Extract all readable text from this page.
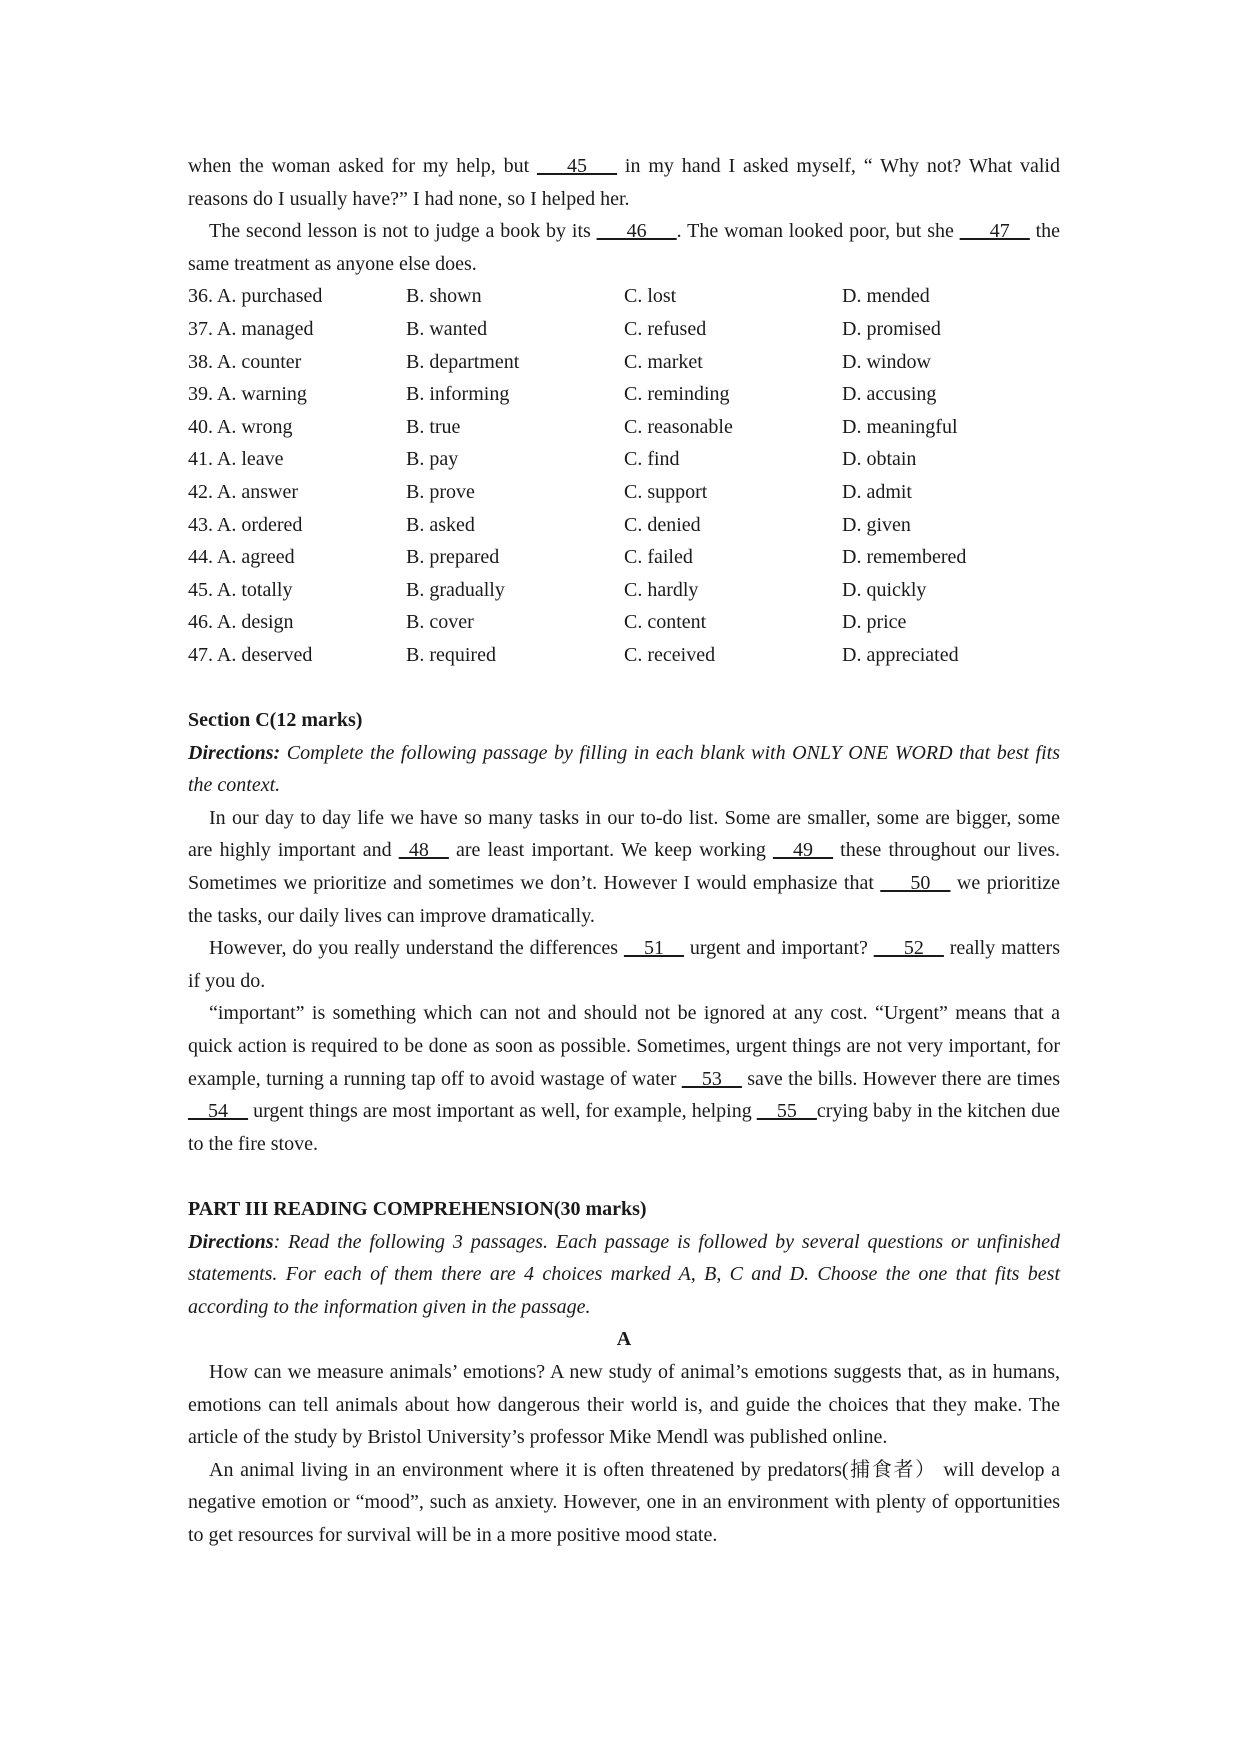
when the woman asked for my help, but ___45___ in my hand I asked myself, “ Why not? What valid reasons do I usually have?” I had none, so I helped her.

The second lesson is not to judge a book by its ___46___. The woman looked poor, but she ___47__ the same treatment as anyone else does.

36. A. purchased	B. shown	C. lost	D. mended
37. A. managed	B. wanted	C. refused	D. promised
38. A. counter	B. department	C. market	D. window
39. A. warning	B. informing	C. reminding	D. accusing
40. A. wrong	B. true	C. reasonable	D. meaningful
41. A. leave	B. pay	C. find	D. obtain
42. A. answer	B. prove	C. support	D. admit
43. A. ordered	B. asked	C. denied	D. given
44. A. agreed	B. prepared	C. failed	D. remembered
45. A. totally	B. gradually	C. hardly	D. quickly
46. A. design	B. cover	C. content	D. price
47. A. deserved	B. required	C. received	D. appreciated

Section C(12 marks)

Directions: Complete the following passage by filling in each blank with ONLY ONE WORD that best fits the context.

In our day to day life we have so many tasks in our to-do list. Some are smaller, some are bigger, some are highly important and _48__ are least important. We keep working __49__ these throughout our lives. Sometimes we prioritize and sometimes we don’t. However I would emphasize that ___50__ we prioritize the tasks, our daily lives can improve dramatically.

However, do you really understand the differences __51__ urgent and important? ___52__ really matters if you do.

“important” is something which can not and should not be ignored at any cost. “Urgent” means that a quick action is required to be done as soon as possible. Sometimes, urgent things are not very important, for example, turning a running tap off to avoid wastage of water __53__ save the bills. However there are times __54__ urgent things are most important as well, for example, helping __55__crying baby in the kitchen due to the fire stove.

PART III READING COMPREHENSION(30 marks)

Directions: Read the following 3 passages. Each passage is followed by several questions or unfinished statements. For each of them there are 4 choices marked A, B, C and D. Choose the one that fits best according to the information given in the passage.

A

How can we measure animals’ emotions? A new study of animal’s emotions suggests that, as in humans, emotions can tell animals about how dangerous their world is, and guide the choices that they make. The article of the study by Bristol University’s professor Mike Mendl was published online.

An animal living in an environment where it is often threatened by predators(捕食者） will develop a negative emotion or “mood”, such as anxiety. However, one in an environment with plenty of opportunities to get resources for survival will be in a more positive mood state.
